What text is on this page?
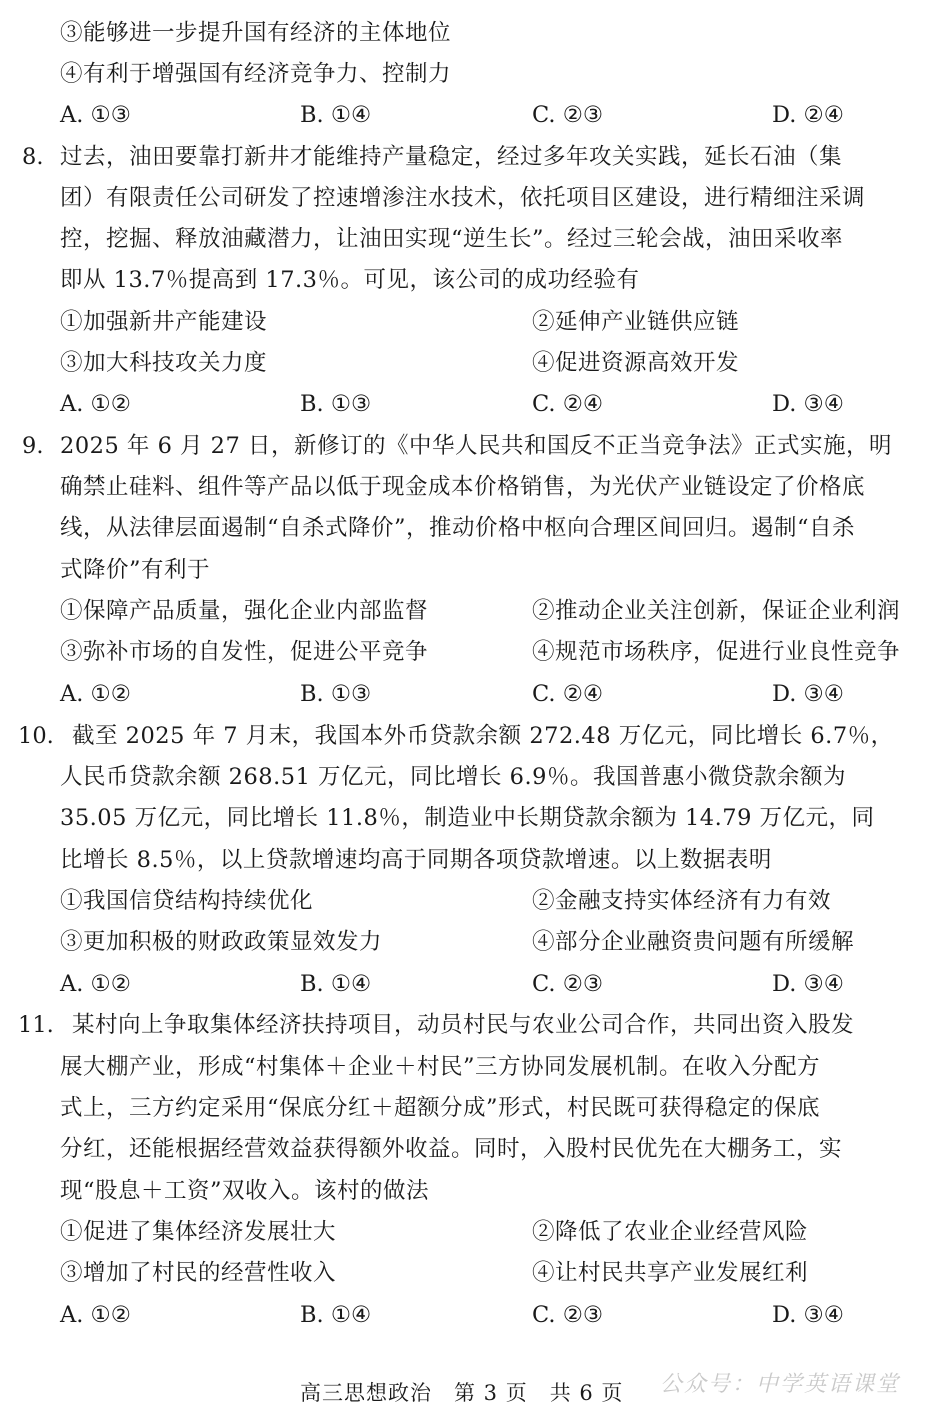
③能够进一步提升国有经济的主体地位
④有利于增强国有经济竞争力、控制力
A. ①③	B. ①④	C. ②③	D. ②④
8. 过去，油田要靠打新井才能维持产量稳定，经过多年攻关实践，延长石油（集
团）有限责任公司研发了控速增渗注水技术，依托项目区建设，进行精细注采调
控，挖掘、释放油藏潜力，让油田实现“逆生长”。经过三轮会战，油田采收率
即从 13.7％提高到 17.3％。可见，该公司的成功经验有
①加强新井产能建设	②延伸产业链供应链
③加大科技攻关力度	④促进资源高效开发
A. ①②	B. ①③	C. ②④	D. ③④
9. 2025 年 6 月 27 日，新修订的《中华人民共和国反不正当竞争法》正式实施，明
确禁止硅料、组件等产品以低于现金成本价格销售，为光伏产业链设定了价格底
线，从法律层面遏制“自杀式降价”，推动价格中枢向合理区间回归。遏制“自杀
式降价”有利于
①保障产品质量，强化企业内部监督	②推动企业关注创新，保证企业利润
③弥补市场的自发性，促进公平竞争	④规范市场秩序，促进行业良性竞争
A. ①②	B. ①③	C. ②④	D. ③④
10. 截至 2025 年 7 月末，我国本外币贷款余额 272.48 万亿元，同比增长 6.7％，
人民币贷款余额 268.51 万亿元，同比增长 6.9％。我国普惠小微贷款余额为
35.05 万亿元，同比增长 11.8％，制造业中长期贷款余额为 14.79 万亿元，同
比增长 8.5％，以上贷款增速均高于同期各项贷款增速。以上数据表明
①我国信贷结构持续优化	②金融支持实体经济有力有效
③更加积极的财政政策显效发力	④部分企业融资贵问题有所缓解
A. ①②	B. ①④	C. ②③	D. ③④
11. 某村向上争取集体经济扶持项目，动员村民与农业公司合作，共同出资入股发
展大棚产业，形成“村集体＋企业＋村民”三方协同发展机制。在收入分配方
式上，三方约定采用“保底分红＋超额分成”形式，村民既可获得稳定的保底
分红，还能根据经营效益获得额外收益。同时，入股村民优先在大棚务工，实
现“股息＋工资”双收入。该村的做法
①促进了集体经济发展壮大	②降低了农业企业经营风险
③增加了村民的经营性收入	④让村民共享产业发展红利
A. ①②	B. ①④	C. ②③	D. ③④
高三思想政治　第 3 页　共 6 页 公众号：中学英语课堂
